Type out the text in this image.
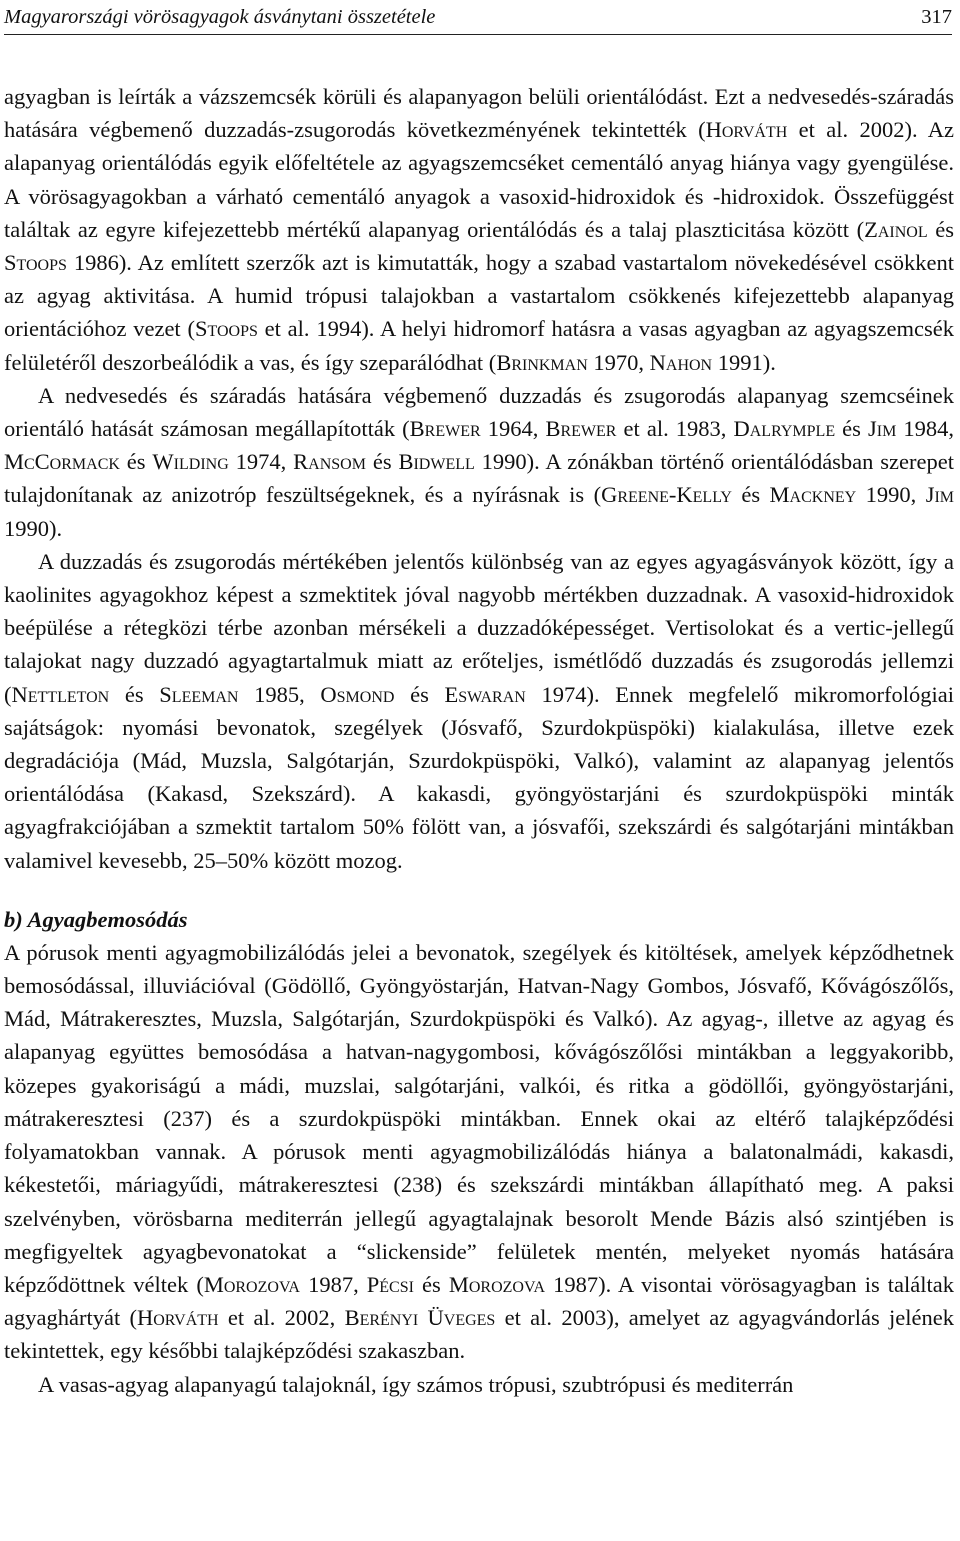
Magyarországi vörösagyagok ásványtani összetétele	317

agyagban is leírták a vázszemcsék körüli és alapanyagon belüli orientálódást. Ezt a nedvesedés-száradás hatására végbemenő duzzadás-zsugorodás következményének tekintették (Horváth et al. 2002). Az alapanyag orientálódás egyik előfeltétele az agyagszemcséket cementáló anyag hiánya vagy gyengülése. A vörösagyagokban a várható cementáló anyagok a vasoxid-hidroxidok és -hidroxidok. Összefüggést találtak az egyre kifejezettebb mértékű alapanyag orientálódás és a talaj plaszticitása között (Zainol és Stoops 1986). Az említett szerzők azt is kimutatták, hogy a szabad vastartalom növekedésével csökkent az agyag aktivitása. A humid trópusi talajokban a vastartalom csökkenés kifejezettebb alapanyag orientációhoz vezet (Stoops et al. 1994). A helyi hidromorf hatásra a vasas agyagban az agyagszemcsék felületéről deszorbeálódik a vas, és így szeparálódhat (Brinkman 1970, Nahon 1991).

A nedvesedés és száradás hatására végbemenő duzzadás és zsugorodás alapanyag szemcséinek orientáló hatását számosan megállapították (Brewer 1964, Brewer et al. 1983, Dalrymple és Jim 1984, McCormack és Wilding 1974, Ransom és Bidwell 1990). A zónákban történő orientálódásban szerepet tulajdonítanak az anizotróp feszültségeknek, és a nyírásnak is (Greene-Kelly és Mackney 1990, Jim 1990).

A duzzadás és zsugorodás mértékében jelentős különbség van az egyes agyagásványok között, így a kaolinites agyagokhoz képest a szmektitek jóval nagyobb mértékben duzzadnak. A vasoxid-hidroxidok beépülése a rétegközi térbe azonban mérsékeli a duzzadóképességet. Vertisolokat és a vertic-jellegű talajokat nagy duzzadó agyagtartalmuk miatt az erőteljes, ismétlődő duzzadás és zsugorodás jellemzi (Nettleton és Sleeman 1985, Osmond és Eswaran 1974). Ennek megfelelő mikromorfológiai sajátságok: nyomási bevonatok, szegélyek (Jósvafő, Szurdokpüspöki) kialakulása, illetve ezek degradációja (Mád, Muzsla, Salgótarján, Szurdokpüspöki, Valkó), valamint az alapanyag jelentős orientálódása (Kakasd, Szekszárd). A kakasdi, gyöngyöstarjáni és szurdokpüspöki minták agyagfrakciójában a szmektit tartalom 50% fölött van, a jósvafői, szekszárdi és salgótarjáni mintákban valamivel kevesebb, 25–50% között mozog.

b) Agyagbemosódás

A pórusok menti agyagmobilizálódás jelei a bevonatok, szegélyek és kitöltések, amelyek képződhetnek bemosódással, illuviációval (Gödöllő, Gyöngyöstarján, Hatvan-Nagy Gombos, Jósvafő, Kővágószőlős, Mád, Mátrakeresztes, Muzsla, Salgótarján, Szurdokpüspöki és Valkó). Az agyag-, illetve az agyag és alapanyag együttes bemosódása a hatvan-nagygombosi, kővágószőlősi mintákban a leggyakoribb, közepes gyakoriságú a mádi, muzslai, salgótarjáni, valkói, és ritka a gödöllői, gyöngyöstarjáni, mátrakeresztesi (237) és a szurdokpüspöki mintákban. Ennek okai az eltérő talajképződési folyamatokban vannak. A pórusok menti agyagmobilizálódás hiánya a balatonalmádi, kakasdi, kékestetői, máriagyűdi, mátrakeresztesi (238) és szekszárdi mintákban állapítható meg. A paksi szelvényben, vörösbarna mediterrán jellegű agyagtalajnak besorolt Mende Bázis alsó szintjében is megfigyeltek agyagbevonatokat a “slickenside” felületek mentén, melyeket nyomás hatására képződöttnek véltek (Morozova 1987, Pécsi és Morozova 1987). A visontai vörösagyagban is találtak agyaghártyát (Horváth et al. 2002, Berényi Üveges et al. 2003), amelyet az agyagvándorlás jelének tekintettek, egy későbbi talajképződési szakaszban.

A vasas-agyag alapanyagú talajoknál, így számos trópusi, szubtrópusi és mediterrán
